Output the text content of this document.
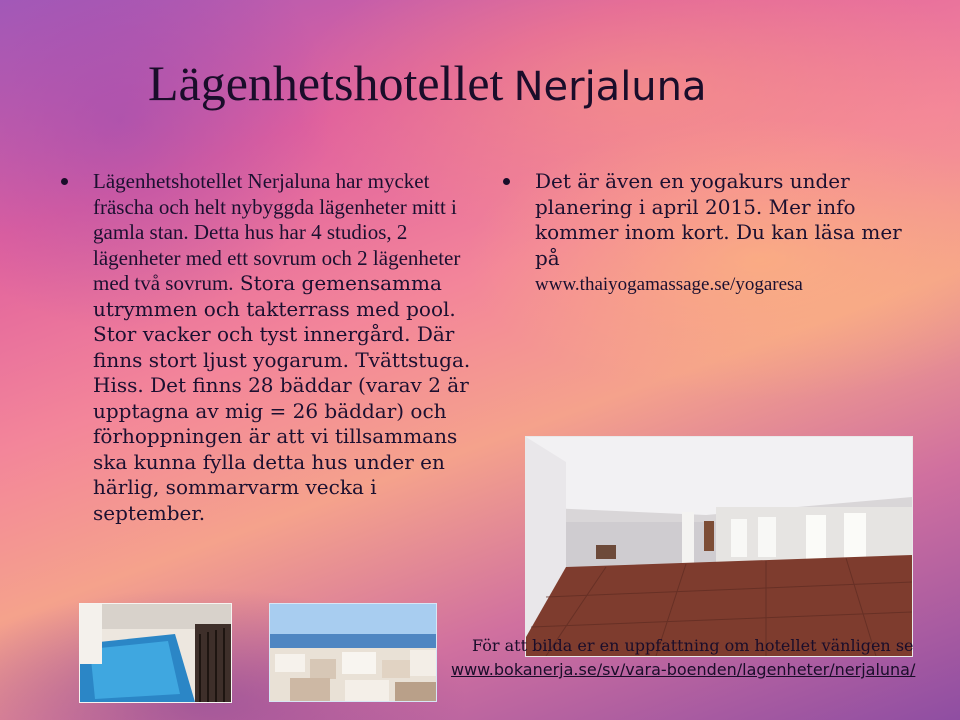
Lägenhetshotellet Nerjaluna
Lägenhetshotellet Nerjaluna har mycket fräscha och helt nybyggda lägenheter mitt i gamla stan. Detta hus har 4 studios, 2 lägenheter med ett sovrum och 2 lägenheter med två sovrum. Stora gemensamma utrymmen och takterrass med pool. Stor vacker och tyst innergård. Där finns stort ljust yogarum. Tvättstuga. Hiss. Det finns 28 bäddar (varav 2 är upptagna av mig = 26 bäddar) och förhoppningen är att vi tillsammans ska kunna fylla detta hus under en härlig, sommarvarm vecka i september.
Det är även en yogakurs under planering i april 2015. Mer info kommer inom kort. Du kan läsa mer på
www.thaiyogamassage.se/yogaresa
För att bilda er en uppfattning om hotellet vänligen se
www.bokanerja.se/sv/vara-boenden/lagenheter/nerjaluna/
